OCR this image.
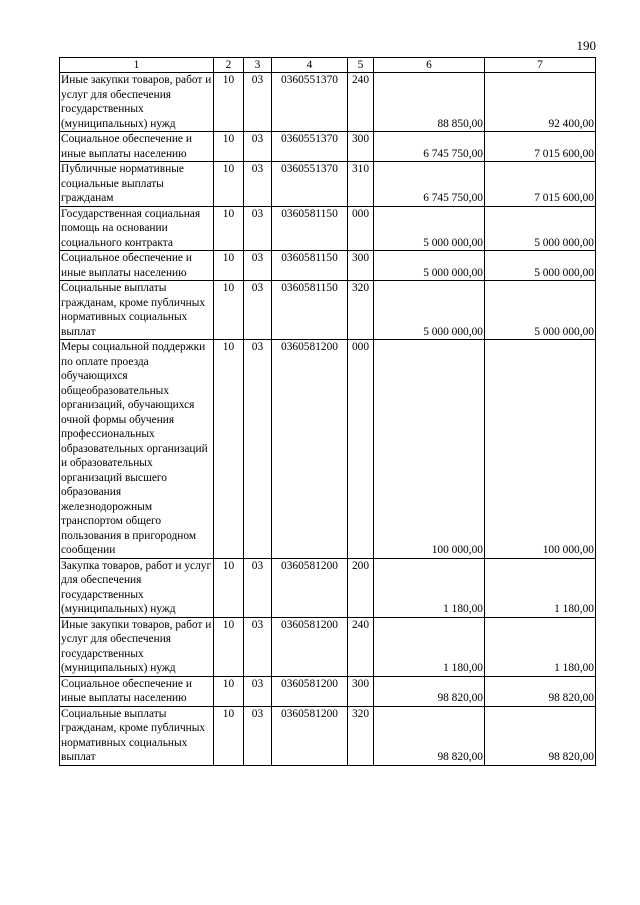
190
1	2	3	4	5	6	7
Иные закупки товаров, работ и услуг для обеспечения государственных (муниципальных) нужд	10	03	0360551370	240	88 850,00	92 400,00
Социальное обеспечение и иные выплаты населению	10	03	0360551370	300	6 745 750,00	7 015 600,00
Публичные нормативные социальные выплаты гражданам	10	03	0360551370	310	6 745 750,00	7 015 600,00
Государственная социальная помощь на основании социального контракта	10	03	0360581150	000	5 000 000,00	5 000 000,00
Социальное обеспечение и иные выплаты населению	10	03	0360581150	300	5 000 000,00	5 000 000,00
Социальные выплаты гражданам, кроме публичных нормативных социальных выплат	10	03	0360581150	320	5 000 000,00	5 000 000,00
Меры социальной поддержки по оплате проезда обучающихся общеобразовательных организаций, обучающихся очной формы обучения профессиональных образовательных организаций и образовательных организаций высшего образования железнодорожным транспортом общего пользования в пригородном сообщении	10	03	0360581200	000	100 000,00	100 000,00
Закупка товаров, работ и услуг для обеспечения государственных (муниципальных) нужд	10	03	0360581200	200	1 180,00	1 180,00
Иные закупки товаров, работ и услуг для обеспечения государственных (муниципальных) нужд	10	03	0360581200	240	1 180,00	1 180,00
Социальное обеспечение и иные выплаты населению	10	03	0360581200	300	98 820,00	98 820,00
Социальные выплаты гражданам, кроме публичных нормативных социальных выплат	10	03	0360581200	320	98 820,00	98 820,00
